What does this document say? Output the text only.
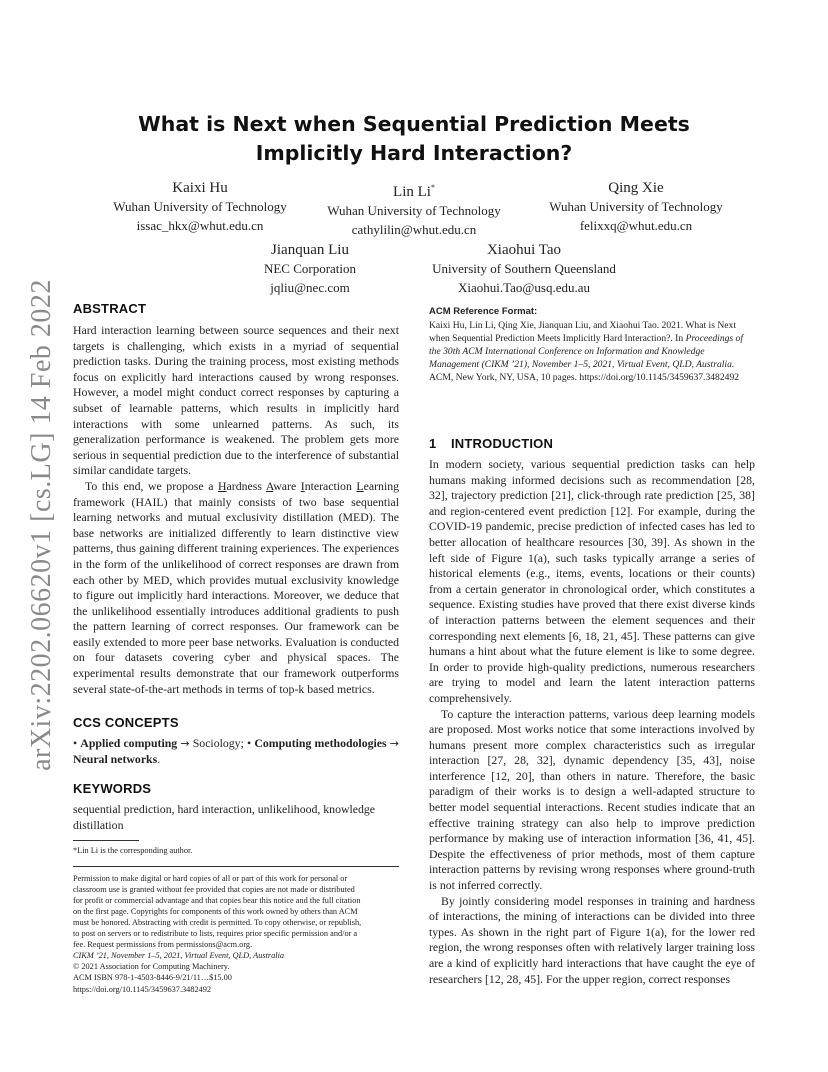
arXiv:2202.06620v1 [cs.LG] 14 Feb 2022
What is Next when Sequential Prediction Meets
Implicitly Hard Interaction?
Kaixi Hu
Wuhan University of Technology
issac_hkx@whut.edu.cn
Lin Li*
Wuhan University of Technology
cathylilin@whut.edu.cn
Qing Xie
Wuhan University of Technology
felixxq@whut.edu.cn
Jianquan Liu
NEC Corporation
jqliu@nec.com
Xiaohui Tao
University of Southern Queensland
Xiaohui.Tao@usq.edu.au
ABSTRACT

Hard interaction learning between source sequences and their next targets is challenging, which exists in a myriad of sequential prediction tasks. During the training process, most existing methods focus on explicitly hard interactions caused by wrong responses. However, a model might conduct correct responses by capturing a subset of learnable patterns, which results in implicitly hard interactions with some unlearned patterns. As such, its generalization performance is weakened. The problem gets more serious in sequential prediction due to the interference of substantial similar candidate targets.

To this end, we propose a Hardness Aware Interaction Learning framework (HAIL) that mainly consists of two base sequential learning networks and mutual exclusivity distillation (MED). The base networks are initialized differently to learn distinctive view patterns, thus gaining different training experiences. The experiences in the form of the unlikelihood of correct responses are drawn from each other by MED, which provides mutual exclusivity knowledge to figure out implicitly hard interactions. Moreover, we deduce that the unlikelihood essentially introduces additional gradients to push the pattern learning of correct responses. Our framework can be easily extended to more peer base networks. Evaluation is conducted on four datasets covering cyber and physical spaces. The experimental results demonstrate that our framework outperforms several state-of-the-art methods in terms of top-k based metrics.

CCS CONCEPTS

• Applied computing → Sociology; • Computing methodologies → Neural networks.

KEYWORDS

sequential prediction, hard interaction, unlikelihood, knowledge distillation

*Lin Li is the corresponding author.
Permission to make digital or hard copies of all or part of this work for personal or
classroom use is granted without fee provided that copies are not made or distributed
for profit or commercial advantage and that copies bear this notice and the full citation
on the first page. Copyrights for components of this work owned by others than ACM
must be honored. Abstracting with credit is permitted. To copy otherwise, or republish,
to post on servers or to redistribute to lists, requires prior specific permission and/or a
fee. Request permissions from permissions@acm.org.
CIKM ’21, November 1–5, 2021, Virtual Event, QLD, Australia
© 2021 Association for Computing Machinery.
ACM ISBN 978-1-4503-8446-9/21/11…$15.00
https://doi.org/10.1145/3459637.3482492
ACM Reference Format:
Kaixi Hu, Lin Li, Qing Xie, Jianquan Liu, and Xiaohui Tao. 2021. What is Next when Sequential Prediction Meets Implicitly Hard Interaction?. In Proceedings of the 30th ACM International Conference on Information and Knowledge Management (CIKM ’21), November 1–5, 2021, Virtual Event, QLD, Australia. ACM, New York, NY, USA, 10 pages. https://doi.org/10.1145/3459637.3482492
1 INTRODUCTION

In modern society, various sequential prediction tasks can help humans making informed decisions such as recommendation [28, 32], trajectory prediction [21], click-through rate prediction [25, 38] and region-centered event prediction [12]. For example, during the COVID-19 pandemic, precise prediction of infected cases has led to better allocation of healthcare resources [30, 39]. As shown in the left side of Figure 1(a), such tasks typically arrange a series of historical elements (e.g., items, events, locations or their counts) from a certain generator in chronological order, which constitutes a sequence. Existing studies have proved that there exist diverse kinds of interaction patterns between the element sequences and their corresponding next elements [6, 18, 21, 45]. These patterns can give humans a hint about what the future element is like to some degree. In order to provide high-quality predictions, numerous researchers are trying to model and learn the latent interaction patterns comprehensively.

To capture the interaction patterns, various deep learning models are proposed. Most works notice that some interactions involved by humans present more complex characteristics such as irregular interaction [27, 28, 32], dynamic dependency [35, 43], noise interference [12, 20], than others in nature. Therefore, the basic paradigm of their works is to design a well-adapted structure to better model sequential interactions. Recent studies indicate that an effective training strategy can also help to improve prediction performance by making use of interaction information [36, 41, 45]. Despite the effectiveness of prior methods, most of them capture interaction patterns by revising wrong responses where ground-truth is not inferred correctly.

By jointly considering model responses in training and hardness of interactions, the mining of interactions can be divided into three types. As shown in the right part of Figure 1(a), for the lower red region, the wrong responses often with relatively larger training loss are a kind of explicitly hard interactions that have caught the eye of researchers [12, 28, 45]. For the upper region, correct responses
